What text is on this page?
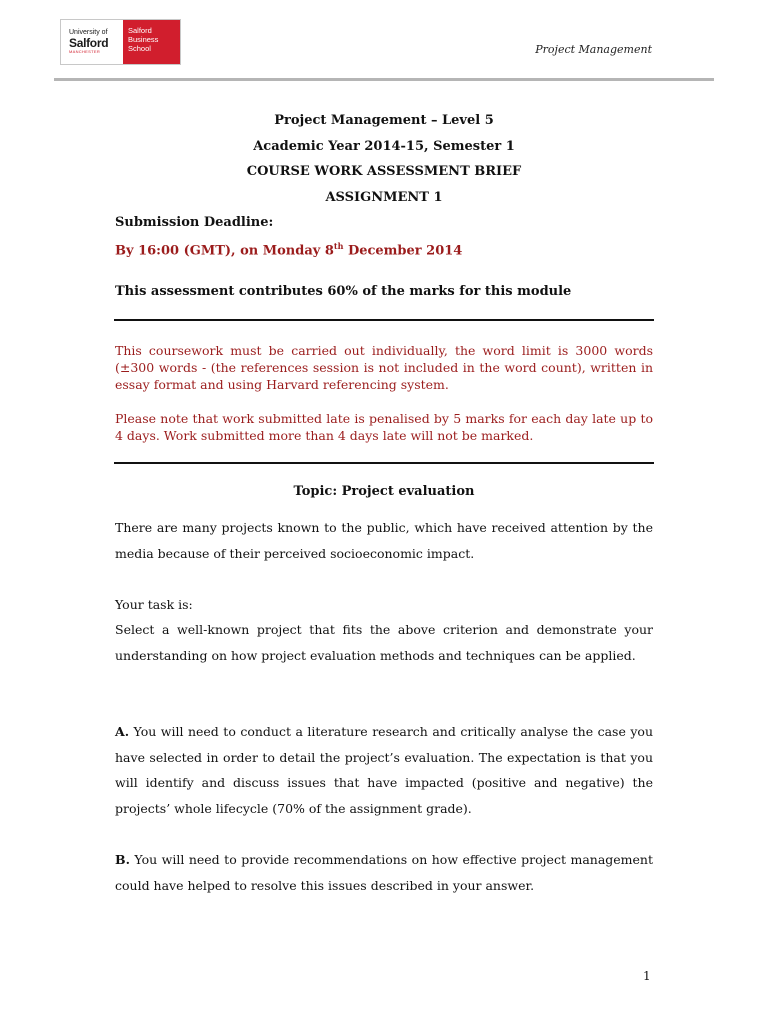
University of
Salford
MANCHESTER
Salford
Business
School	Project Management
Project Management – Level 5
Academic Year 2014-15, Semester 1
COURSE WORK ASSESSMENT BRIEF
ASSIGNMENT 1
Submission Deadline:
By 16:00 (GMT), on Monday 8th December 2014
This assessment contributes 60% of the marks for this module
This coursework must be carried out individually, the word limit is 3000 words (±300 words - (the references session is not included in the word count), written in essay format and using Harvard referencing system.
Please note that work submitted late is penalised by 5 marks for each day late up to 4 days. Work submitted more than 4 days late will not be marked.
Topic: Project evaluation
There are many projects known to the public, which have received attention by the media because of their perceived socioeconomic impact.
Your task is:
Select a well-known project that fits the above criterion and demonstrate your understanding on how project evaluation methods and techniques can be applied.
A. You will need to conduct a literature research and critically analyse the case you have selected in order to detail the project’s evaluation. The expectation is that you will identify and discuss issues that have impacted (positive and negative) the projects’ whole lifecycle (70% of the assignment grade).
B. You will need to provide recommendations on how effective project management could have helped to resolve this issues described in your answer.
1
